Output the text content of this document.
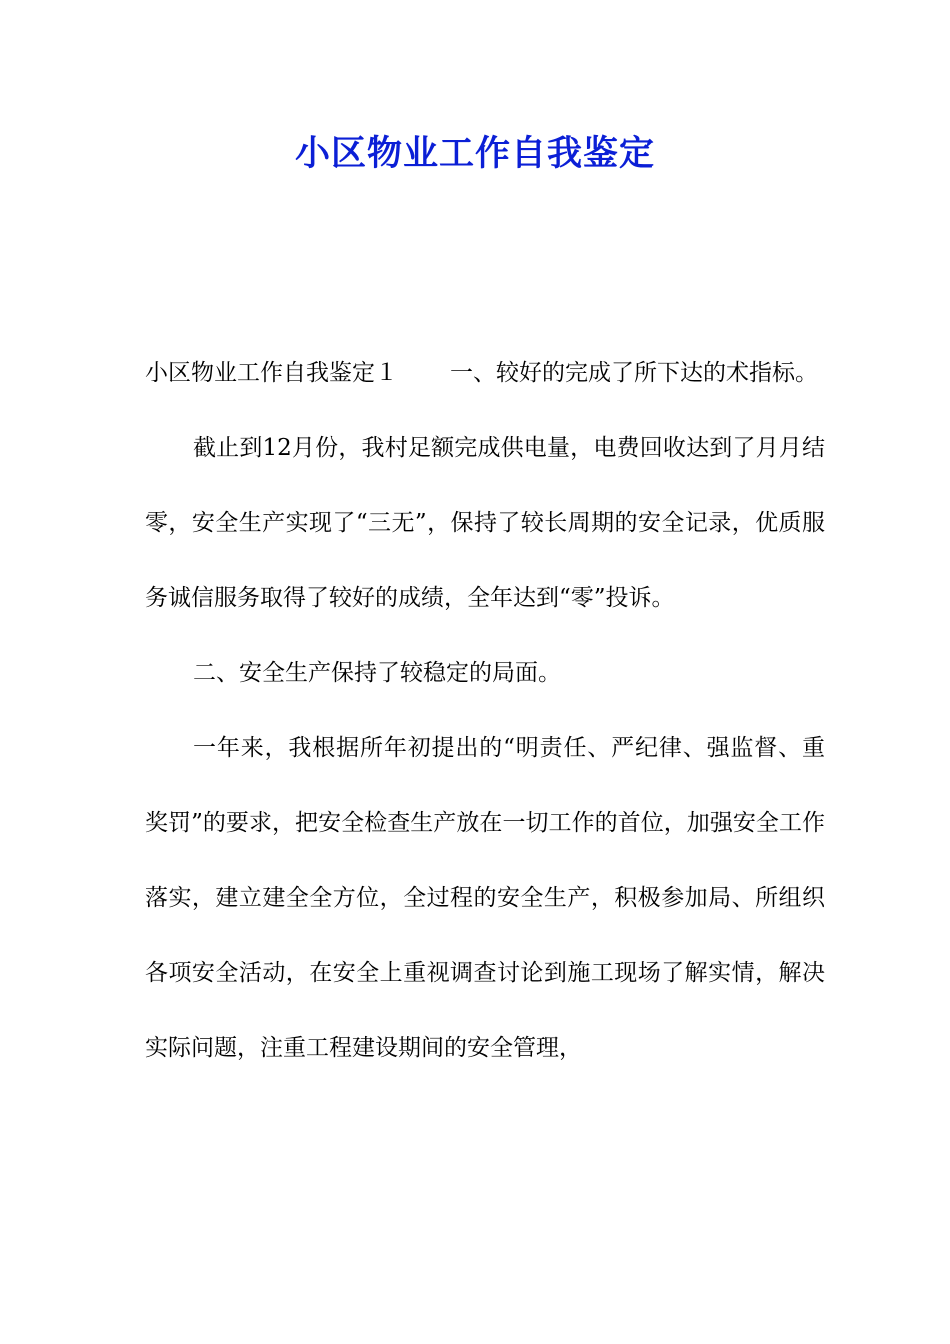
小区物业工作自我鉴定

小区物业工作自我鉴定１ 一、较好的完成了所下达的术指标。

截止到12月份，我村足额完成供电量，电费回收达到了月月结零，安全生产实现了“三无”，保持了较长周期的安全记录，优质服务诚信服务取得了较好的成绩，全年达到“零”投诉。

二、安全生产保持了较稳定的局面。

一年来，我根据所年初提出的“明责任、严纪律、强监督、重奖罚”的要求，把安全检查生产放在一切工作的首位，加强安全工作落实，建立建全全方位，全过程的安全生产，积极参加局、所组织各项安全活动，在安全上重视调查讨论到施工现场了解实情，解决实际问题，注重工程建设期间的安全管理，
